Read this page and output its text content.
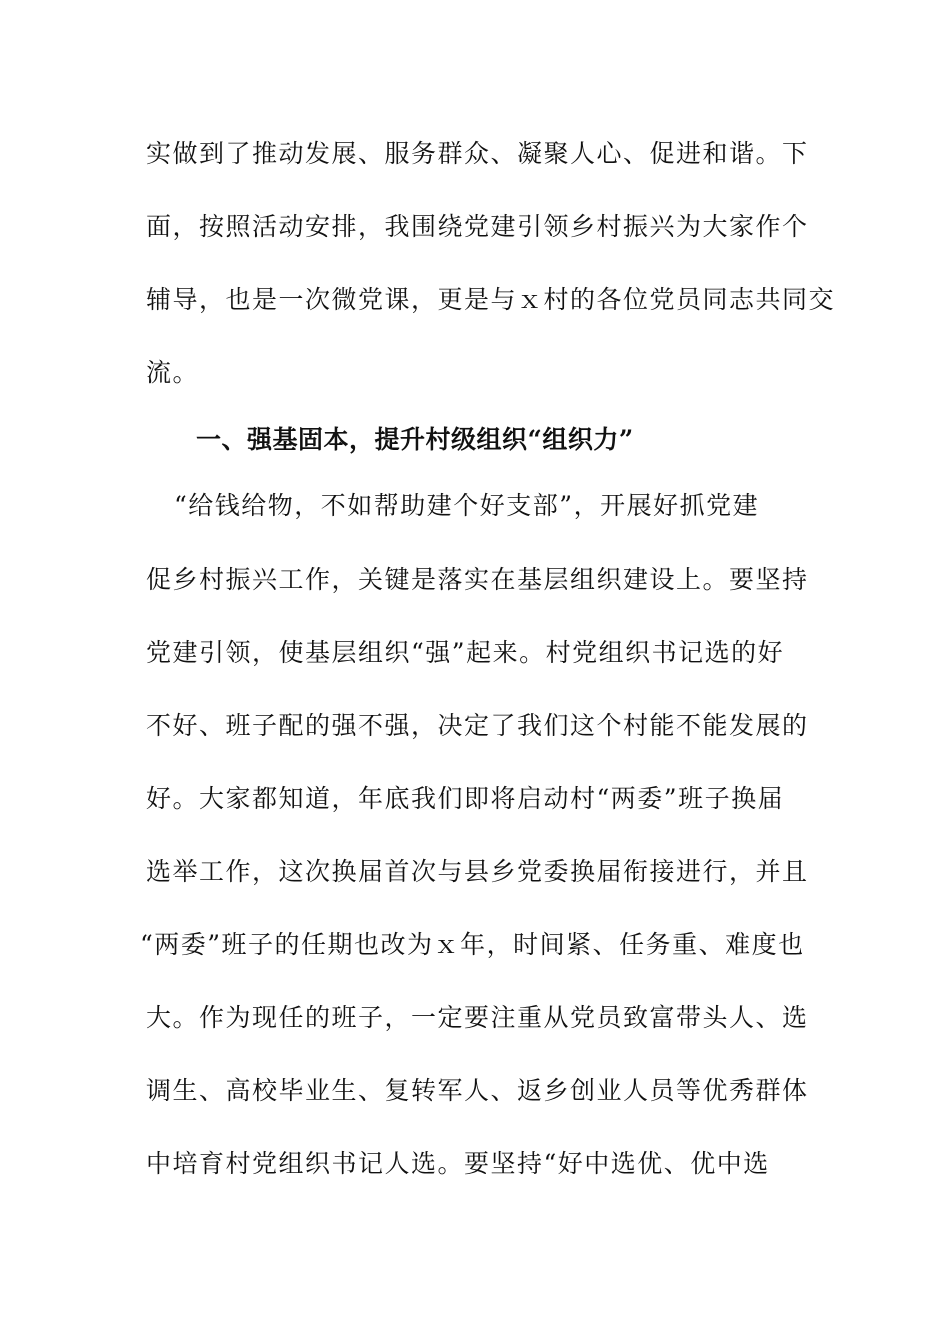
实做到了推动发展、服务群众、凝聚人心、促进和谐。下
面，按照活动安排，我围绕党建引领乡村振兴为大家作个
辅导，也是一次微党课，更是与ｘ村的各位党员同志共同交
流。
一、强基固本，提升村级组织“组织力”
“给钱给物，不如帮助建个好支部”，开展好抓党建
促乡村振兴工作，关键是落实在基层组织建设上。要坚持
党建引领，使基层组织“强”起来。村党组织书记选的好
不好、班子配的强不强，决定了我们这个村能不能发展的
好。大家都知道，年底我们即将启动村“两委”班子换届
选举工作，这次换届首次与县乡党委换届衔接进行，并且
“两委”班子的任期也改为ｘ年，时间紧、任务重、难度也
大。作为现任的班子，一定要注重从党员致富带头人、选
调生、高校毕业生、复转军人、返乡创业人员等优秀群体
中培育村党组织书记人选。要坚持“好中选优、优中选
